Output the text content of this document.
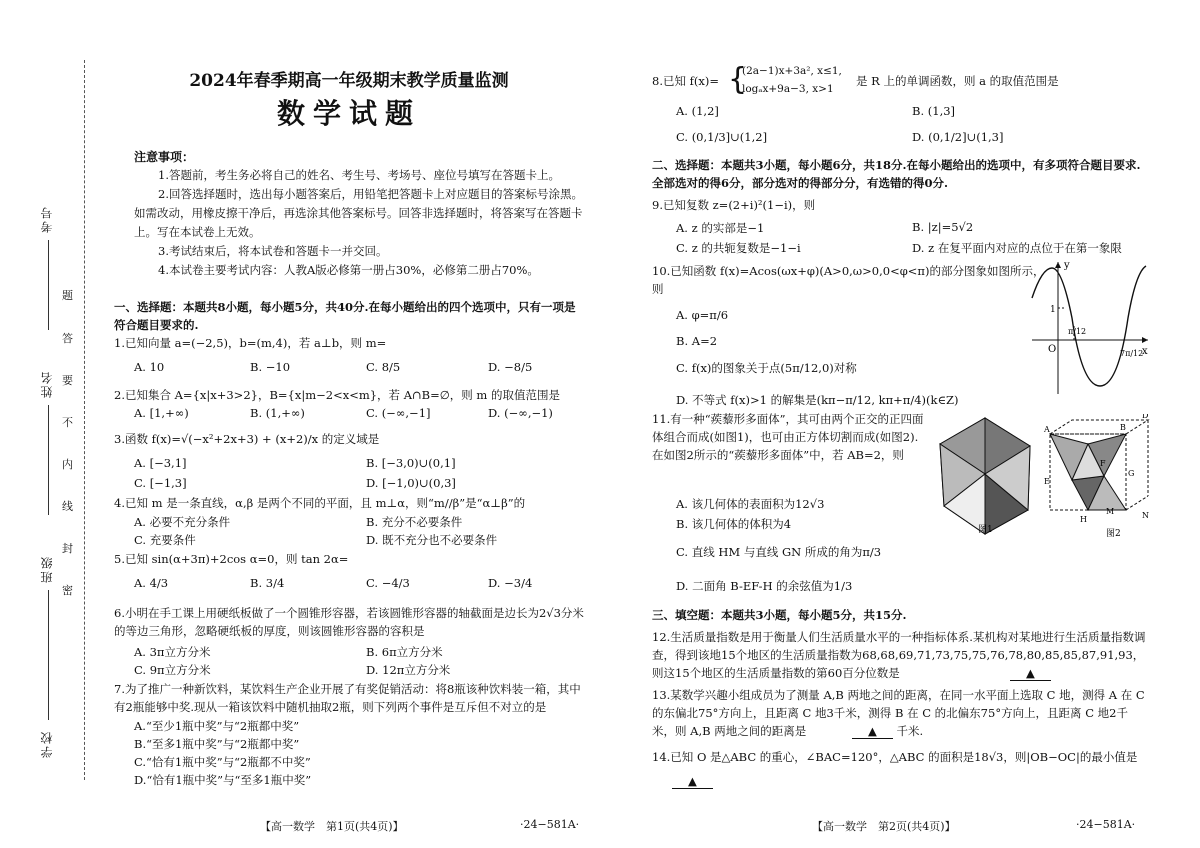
考号
姓名
班级
学校
题
答
要
不
内
线
封
密
2024年春季期高一年级期末教学质量监测
数学试题
注意事项：
1.答题前，考生务必将自己的姓名、考生号、考场号、座位号填写在答题卡上。
2.回答选择题时，选出每小题答案后，用铅笔把答题卡上对应题目的答案标号涂黑。如需改动，用橡皮擦干净后，再选涂其他答案标号。回答非选择题时，将答案写在答题卡上。写在本试卷上无效。
3.考试结束后，将本试卷和答题卡一并交回。
4.本试卷主要考试内容：人教A版必修第一册占30%，必修第二册占70%。
一、选择题：本题共8小题，每小题5分，共40分.在每小题给出的四个选项中，只有一项是符合题目要求的.
1.已知向量 a=(−2,5)，b=(m,4)，若 a⊥b，则 m=
A. 10	B. −10	C. 8/5	D. −8/5
2.已知集合 A={x|x+3>2}，B={x|m−2<x<m}，若 A∩B=∅，则 m 的取值范围是
A. [1,+∞)	B. (1,+∞)	C. (−∞,−1]	D. (−∞,−1)
3.函数 f(x)=√(−x²+2x+3) + (x+2)/x 的定义域是
A. [−3,1]	B. [−3,0)∪(0,1]
C. [−1,3]	D. [−1,0)∪(0,3]
4.已知 m 是一条直线，α,β 是两个不同的平面，且 m⊥α，则“m//β”是“α⊥β”的
A. 必要不充分条件	B. 充分不必要条件
C. 充要条件	D. 既不充分也不必要条件
5.已知 sin(α+3π)+2cos α=0，则 tan 2α=
A. 4/3	B. 3/4	C. −4/3	D. −3/4
6.小明在手工课上用硬纸板做了一个圆锥形容器，若该圆锥形容器的轴截面是边长为2√3分米的等边三角形，忽略硬纸板的厚度，则该圆锥形容器的容积是
A. 3π立方分米	B. 6π立方分米
C. 9π立方分米	D. 12π立方分米
7.为了推广一种新饮料，某饮料生产企业开展了有奖促销活动：将8瓶该种饮料装一箱，其中有2瓶能够中奖.现从一箱该饮料中随机抽取2瓶，则下列两个事件是互斥但不对立的是
A.“至少1瓶中奖”与“2瓶都中奖”
B.“至多1瓶中奖”与“2瓶都中奖”
C.“恰有1瓶中奖”与“2瓶都不中奖”
D.“恰有1瓶中奖”与“至多1瓶中奖”
【高一数学　第1页(共4页)】	·24−581A·
8.已知 f(x)= {
(2a−1)x+3a², x≤1,
logₐx+9a−3, x>1
是 R 上的单调函数，则 a 的取值范围是
A. (1,2]	B. (1,3]
C. (0,1/3]∪(1,2]	D. (0,1/2]∪(1,3]
二、选择题：本题共3小题，每小题6分，共18分.在每小题给出的选项中，有多项符合题目要求.全部选对的得6分，部分选对的得部分分，有选错的得0分.
9.已知复数 z=(2+i)²(1−i)，则
A. z 的实部是−1	B. |z|=5√2
C. z 的共轭复数是−1−i	D. z 在复平面内对应的点位于在第一象限
10.已知函数 f(x)=Acos(ωx+φ)(A>0,ω>0,0<φ<π)的部分图象如图所示，则
A. φ=π/6
B. A=2
C. f(x)的图象关于点(5π/12,0)对称
D. 不等式 f(x)>1 的解集是(kπ−π/12, kπ+π/4)(k∈Z)
y
x
O
1
π/12
7π/12
11.有一种“蒺藜形多面体”，其可由两个正交的正四面体组合而成(如图1)，也可由正方体切割而成(如图2).在如图2所示的“蒺藜形多面体”中，若 AB=2，则
A. 该几何体的表面积为12√3
B. 该几何体的体积为4
C. 直线 HM 与直线 GN 所成的角为π/3
D. 二面角 B-EF-H 的余弦值为1/3
图1
A	B
D
E
G
H	N
M
F
图2
三、填空题：本题共3小题，每小题5分，共15分.
12.生活质量指数是用于衡量人们生活质量水平的一种指标体系.某机构对某地进行生活质量指数调查，得到该地15个地区的生活质量指数为68,68,69,71,73,75,75,76,78,80,85,85,87,91,93，则这15个地区的生活质量指数的第60百分位数是	▲
13.某数学兴趣小组成员为了测量 A,B 两地之间的距离，在同一水平面上选取 C 地，测得 A 在 C 的东偏北75°方向上，且距离 C 地3千米，测得 B 在 C 的北偏东75°方向上，且距离 C 地2千米，则 A,B 两地之间的距离是	▲ 千米.
14.已知 O 是△ABC 的重心，∠BAC=120°，△ABC 的面积是18√3，则|OB−OC|的最小值是
▲
【高一数学　第2页(共4页)】	·24−581A·
